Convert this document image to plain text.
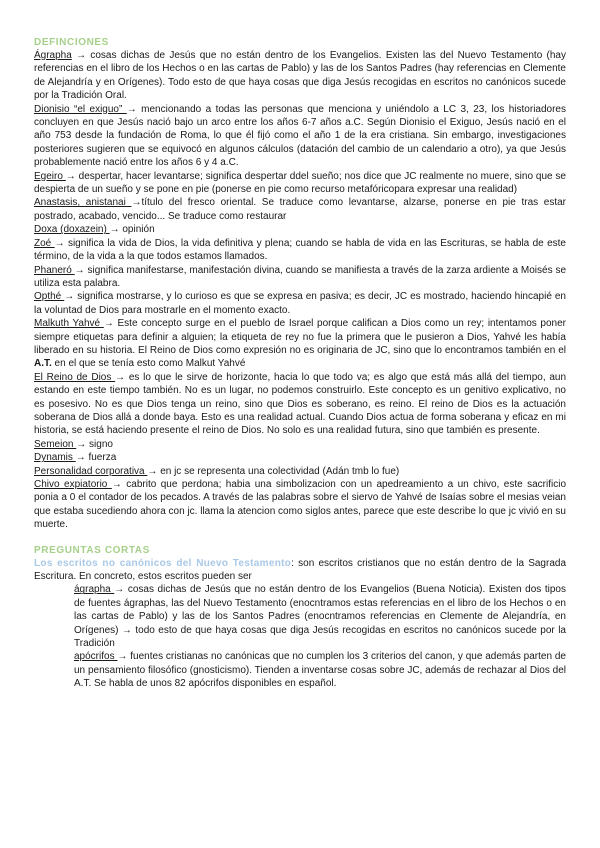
DEFINCIONES

Ágrapha → cosas dichas de Jesús que no están dentro de los Evangelios. Existen las del Nuevo Testamento (hay referencias en el libro de los Hechos o en las cartas de Pablo) y las de los Santos Padres (hay referencias en Clemente de Alejandría y en Orígenes). Todo esto de que haya cosas que diga Jesús recogidas en escritos no canónicos sucede por la Tradición Oral.

Dionisio “el exiguo” → mencionando a todas las personas que menciona y uniéndolo a LC 3, 23, los historiadores concluyen en que Jesús nació bajo un arco entre los años 6-7 años a.C. Según Dionisio el Exiguo, Jesús nació en el año 753 desde la fundación de Roma, lo que él fijó como el año 1 de la era cristiana. Sin embargo, investigaciones posteriores sugieren que se equivocó en algunos cálculos (datación del cambio de un calendario a otro), ya que Jesús probablemente nació entre los años 6 y 4 a.C.

Egeiro → despertar, hacer levantarse; significa despertar ddel sueño; nos dice que JC realmente no muere, sino que se despierta de un sueño y se pone en pie (ponerse en pie como recurso metafóricopara expresar una realidad)

Anastasis, anistanai →título del fresco oriental. Se traduce como levantarse, alzarse, ponerse en pie tras estar postrado, acabado, vencido... Se traduce como restaurar

Doxa (doxazein) → opinión

Zoé → significa la vida de Dios, la vida definitiva y plena; cuando se habla de vida en las Escrituras, se habla de este término, de la vida a la que todos estamos llamados.

Phaneró → significa manifestarse, manifestación divina, cuando se manifiesta a través de la zarza ardiente a Moisés se utiliza esta palabra.

Opthé → significa mostrarse, y lo curioso es que se expresa en pasiva; es decir, JC es mostrado, haciendo hincapié en la voluntad de Dios para mostrarle en el momento exacto.

Malkuth Yahvé → Este concepto surge en el pueblo de Israel porque califican a Dios como un rey; intentamos poner siempre etiquetas para definir a alguien; la etiqueta de rey no fue la primera que le pusieron a Dios, Yahvé les había liberado en su historia. El Reino de Dios como expresión no es originaria de JC, sino que lo encontramos también en el A.T. en el que se tenía esto como Malkut Yahvé

El Reino de Dios → es lo que le sirve de horizonte, hacia lo que todo va; es algo que está más allá del tiempo, aun estando en este tiempo también. No es un lugar, no podemos construirlo. Este concepto es un genitivo explicativo, no es posesivo. No es que Dios tenga un reino, sino que Dios es soberano, es reino. El reino de Dios es la actuación soberana de Dios allá a donde baya. Esto es una realidad actual. Cuando Dios actua de forma soberana y eficaz en mi historia, se está haciendo presente el reino de Dios. No solo es una realidad futura, sino que también es presente.

Semeion → signo

Dynamis → fuerza

Personalidad corporativa → en jc se representa una colectividad (Adán tmb lo fue)

Chivo expiatorio → cabrito que perdona; habia una simbolizacion con un apedreamiento a un chivo, este sacrificio ponia a 0 el contador de los pecados. A través de las palabras sobre el siervo de Yahvé de Isaías sobre el mesias veian que estaba sucediendo ahora con jc. llama la atencion como siglos antes, parece que este describe lo que jc vivió en su muerte.

PREGUNTAS CORTAS

Los escritos no canónicos del Nuevo Testamento: son escritos cristianos que no están dentro de la Sagrada Escritura. En concreto, estos escritos pueden ser

ágrapha → cosas dichas de Jesús que no están dentro de los Evangelios (Buena Noticia). Existen dos tipos de fuentes ágraphas, las del Nuevo Testamento (enocntramos estas referencias en el libro de los Hechos o en las cartas de Pablo) y las de los Santos Padres (enocntramos referencias en Clemente de Alejandría, en Orígenes) → todo esto de que haya cosas que diga Jesús recogidas en escritos no canónicos sucede por la Tradición

apócrifos → fuentes cristianas no canónicas que no cumplen los 3 criterios del canon, y que además parten de un pensamiento filosófico (gnosticismo). Tienden a inventarse cosas sobre JC, además de rechazar al Dios del A.T. Se habla de unos 82 apócrifos disponibles en español.
